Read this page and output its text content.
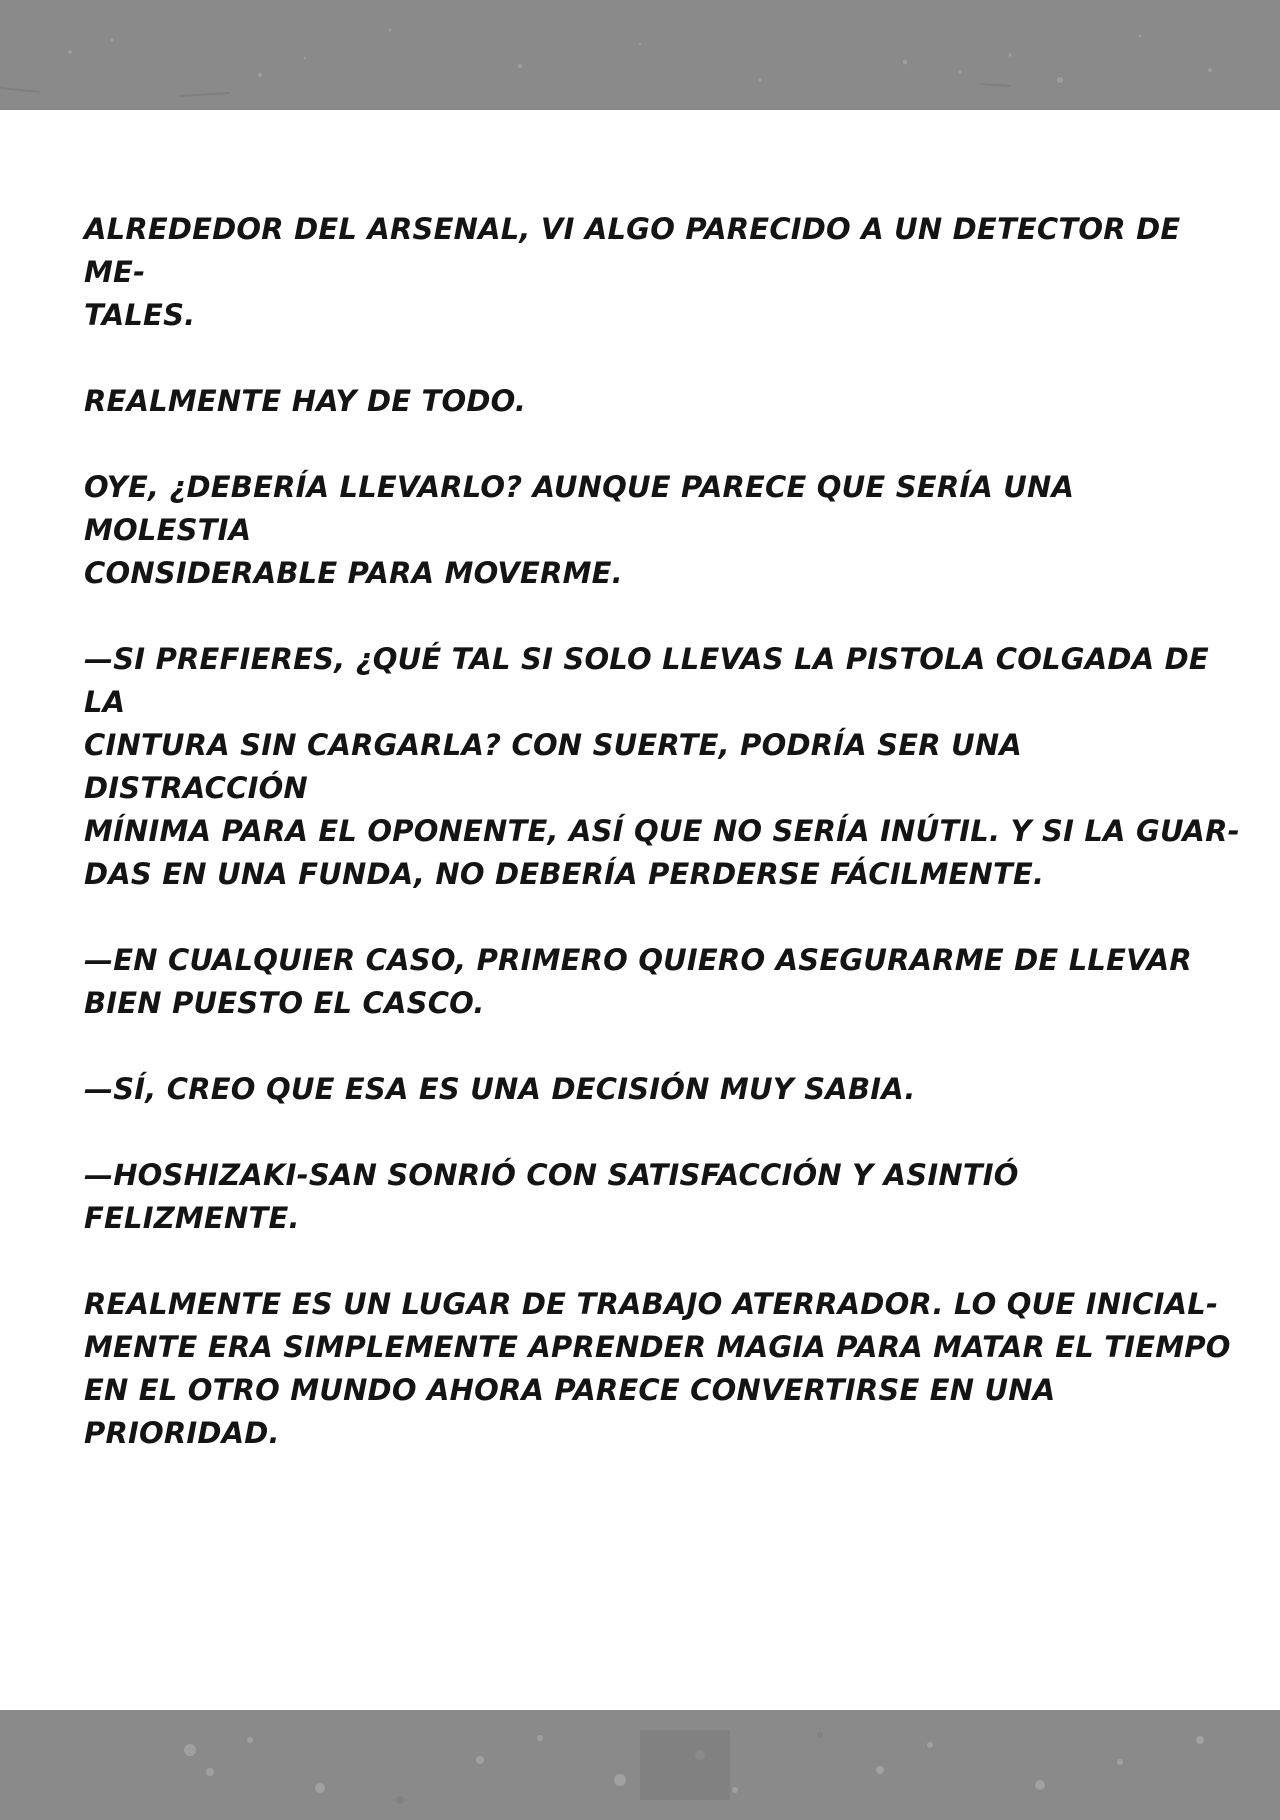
ALREDEDOR DEL ARSENAL, VI ALGO PARECIDO A UN DETECTOR DE ME-
TALES.

REALMENTE HAY DE TODO.

OYE, ¿DEBERÍA LLEVARLO? AUNQUE PARECE QUE SERÍA UNA MOLESTIA
CONSIDERABLE PARA MOVERME.

—SI PREFIERES, ¿QUÉ TAL SI SOLO LLEVAS LA PISTOLA COLGADA DE LA
CINTURA SIN CARGARLA? CON SUERTE, PODRÍA SER UNA DISTRACCIÓN
MÍNIMA PARA EL OPONENTE, ASÍ QUE NO SERÍA INÚTIL. Y SI LA GUAR-
DAS EN UNA FUNDA, NO DEBERÍA PERDERSE FÁCILMENTE.

—EN CUALQUIER CASO, PRIMERO QUIERO ASEGURARME DE LLEVAR
BIEN PUESTO EL CASCO.

—SÍ, CREO QUE ESA ES UNA DECISIÓN MUY SABIA.

—HOSHIZAKI-SAN SONRIÓ CON SATISFACCIÓN Y ASINTIÓ FELIZMENTE.

REALMENTE ES UN LUGAR DE TRABAJO ATERRADOR. LO QUE INICIAL-
MENTE ERA SIMPLEMENTE APRENDER MAGIA PARA MATAR EL TIEMPO
EN EL OTRO MUNDO AHORA PARECE CONVERTIRSE EN UNA PRIORIDAD.
